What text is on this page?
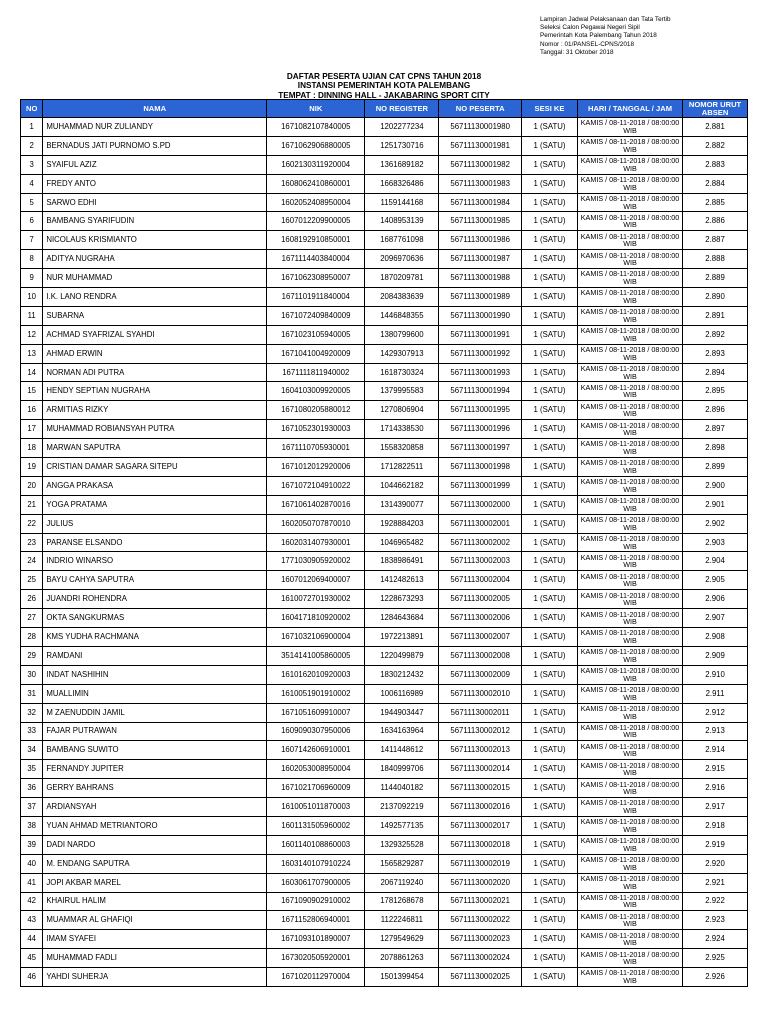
Lampiran Jadwal Pelaksanaan dan Tata Tertib
Seleksi Calon Pegawai Negeri Sipil
Pemerintah Kota Palembang Tahun 2018
Nomor : 01/PANSEL-CPNS/2018
Tanggal: 31 Oktober 2018
DAFTAR PESERTA UJIAN CAT CPNS TAHUN 2018
INSTANSI PEMERINTAH KOTA PALEMBANG
TEMPAT : DINNING HALL - JAKABARING SPORT CITY
NO	NAMA	NIK	NO REGISTER	NO PESERTA	SESI KE	HARI / TANGGAL / JAM	NOMOR URUT ABSEN
1	MUHAMMAD NUR ZULIANDY	1671082107840005	1202277234	56711130001980	1 (SATU)	KAMIS / 08-11-2018 / 08:00:00 WIB	2.881
2	BERNADUS JATI PURNOMO S.PD	1671062906880005	1251730716	56711130001981	1 (SATU)	KAMIS / 08-11-2018 / 08:00:00 WIB	2.882
3	SYAIFUL AZIZ	1602130311920004	1361689182	56711130001982	1 (SATU)	KAMIS / 08-11-2018 / 08:00:00 WIB	2.883
4	FREDY ANTO	1608062410860001	1668326486	56711130001983	1 (SATU)	KAMIS / 08-11-2018 / 08:00:00 WIB	2.884
5	SARWO EDHI	1602052408950004	1159144168	56711130001984	1 (SATU)	KAMIS / 08-11-2018 / 08:00:00 WIB	2.885
6	BAMBANG SYARIFUDIN	1607012209900005	1408953139	56711130001985	1 (SATU)	KAMIS / 08-11-2018 / 08:00:00 WIB	2.886
7	NICOLAUS KRISMIANTO	1608192910850001	1687761098	56711130001986	1 (SATU)	KAMIS / 08-11-2018 / 08:00:00 WIB	2.887
8	ADITYA NUGRAHA	1671114403840004	2096970636	56711130001987	1 (SATU)	KAMIS / 08-11-2018 / 08:00:00 WIB	2.888
9	NUR MUHAMMAD	1671062308950007	1870209781	56711130001988	1 (SATU)	KAMIS / 08-11-2018 / 08:00:00 WIB	2.889
10	I.K. LANO RENDRA	1671101911840004	2084383639	56711130001989	1 (SATU)	KAMIS / 08-11-2018 / 08:00:00 WIB	2.890
11	SUBARNA	1671072409840009	1446848355	56711130001990	1 (SATU)	KAMIS / 08-11-2018 / 08:00:00 WIB	2.891
12	ACHMAD SYAFRIZAL SYAHDI	1671023105940005	1380799600	56711130001991	1 (SATU)	KAMIS / 08-11-2018 / 08:00:00 WIB	2.892
13	AHMAD ERWIN	1671041004920009	1429307913	56711130001992	1 (SATU)	KAMIS / 08-11-2018 / 08:00:00 WIB	2.893
14	NORMAN ADI PUTRA	1671111811940002	1618730324	56711130001993	1 (SATU)	KAMIS / 08-11-2018 / 08:00:00 WIB	2.894
15	HENDY SEPTIAN NUGRAHA	1604103009920005	1379995583	56711130001994	1 (SATU)	KAMIS / 08-11-2018 / 08:00:00 WIB	2.895
16	ARMITIAS RIZKY	1671080205880012	1270806904	56711130001995	1 (SATU)	KAMIS / 08-11-2018 / 08:00:00 WIB	2.896
17	MUHAMMAD ROBIANSYAH PUTRA	1671052301930003	1714338530	56711130001996	1 (SATU)	KAMIS / 08-11-2018 / 08:00:00 WIB	2.897
18	MARWAN SAPUTRA	1671110705930001	1558320858	56711130001997	1 (SATU)	KAMIS / 08-11-2018 / 08:00:00 WIB	2.898
19	CRISTIAN DAMAR SAGARA SITEPU	1671012012920006	1712822511	56711130001998	1 (SATU)	KAMIS / 08-11-2018 / 08:00:00 WIB	2.899
20	ANGGA PRAKASA	1671072104910022	1044662182	56711130001999	1 (SATU)	KAMIS / 08-11-2018 / 08:00:00 WIB	2.900
21	YOGA PRATAMA	1671061402870016	1314390077	56711130002000	1 (SATU)	KAMIS / 08-11-2018 / 08:00:00 WIB	2.901
22	JULIUS	1602050707870010	1928884203	56711130002001	1 (SATU)	KAMIS / 08-11-2018 / 08:00:00 WIB	2.902
23	PARANSE ELSANDO	1602031407930001	1046965482	56711130002002	1 (SATU)	KAMIS / 08-11-2018 / 08:00:00 WIB	2.903
24	INDRIO WINARSO	1771030905920002	1838986491	56711130002003	1 (SATU)	KAMIS / 08-11-2018 / 08:00:00 WIB	2.904
25	BAYU CAHYA SAPUTRA	1607012069400007	1412482613	56711130002004	1 (SATU)	KAMIS / 08-11-2018 / 08:00:00 WIB	2.905
26	JUANDRI ROHENDRA	1610072701930002	1228673293	56711130002005	1 (SATU)	KAMIS / 08-11-2018 / 08:00:00 WIB	2.906
27	OKTA SANGKURMAS	1604171810920002	1284643684	56711130002006	1 (SATU)	KAMIS / 08-11-2018 / 08:00:00 WIB	2.907
28	KMS YUDHA RACHMANA	1671032106900004	1972213891	56711130002007	1 (SATU)	KAMIS / 08-11-2018 / 08:00:00 WIB	2.908
29	RAMDANI	3514141005860005	1220499879	56711130002008	1 (SATU)	KAMIS / 08-11-2018 / 08:00:00 WIB	2.909
30	INDAT NASHIHIN	1610162010920003	1830212432	56711130002009	1 (SATU)	KAMIS / 08-11-2018 / 08:00:00 WIB	2.910
31	MUALLIMIN	1610051901910002	1006116989	56711130002010	1 (SATU)	KAMIS / 08-11-2018 / 08:00:00 WIB	2.911
32	M ZAENUDDIN JAMIL	1671051609910007	1944903447	56711130002011	1 (SATU)	KAMIS / 08-11-2018 / 08:00:00 WIB	2.912
33	FAJAR PUTRAWAN	1609090307950006	1634163964	56711130002012	1 (SATU)	KAMIS / 08-11-2018 / 08:00:00 WIB	2.913
34	BAMBANG SUWITO	1607142606910001	1411448612	56711130002013	1 (SATU)	KAMIS / 08-11-2018 / 08:00:00 WIB	2.914
35	FERNANDY JUPITER	1602053008950004	1840999706	56711130002014	1 (SATU)	KAMIS / 08-11-2018 / 08:00:00 WIB	2.915
36	GERRY BAHRANS	1671021706960009	1144040182	56711130002015	1 (SATU)	KAMIS / 08-11-2018 / 08:00:00 WIB	2.916
37	ARDIANSYAH	1610051011870003	2137092219	56711130002016	1 (SATU)	KAMIS / 08-11-2018 / 08:00:00 WIB	2.917
38	YUAN AHMAD METRIANTORO	1601131505960002	1492577135	56711130002017	1 (SATU)	KAMIS / 08-11-2018 / 08:00:00 WIB	2.918
39	DADI NARDO	1601140108860003	1329325528	56711130002018	1 (SATU)	KAMIS / 08-11-2018 / 08:00:00 WIB	2.919
40	M. ENDANG SAPUTRA	1603140107910224	1565829287	56711130002019	1 (SATU)	KAMIS / 08-11-2018 / 08:00:00 WIB	2.920
41	JOPI AKBAR MAREL	1603061707900005	2067119240	56711130002020	1 (SATU)	KAMIS / 08-11-2018 / 08:00:00 WIB	2.921
42	KHAIRUL HALIM	1671090902910002	1781268678	56711130002021	1 (SATU)	KAMIS / 08-11-2018 / 08:00:00 WIB	2.922
43	MUAMMAR AL GHAFIQI	1671152806940001	1122246811	56711130002022	1 (SATU)	KAMIS / 08-11-2018 / 08:00:00 WIB	2.923
44	IMAM SYAFEI	1671093101890007	1279549629	56711130002023	1 (SATU)	KAMIS / 08-11-2018 / 08:00:00 WIB	2.924
45	MUHAMMAD FADLI	1673020505920001	2078861263	56711130002024	1 (SATU)	KAMIS / 08-11-2018 / 08:00:00 WIB	2.925
46	YAHDI SUHERJA	1671020112970004	1501399454	56711130002025	1 (SATU)	KAMIS / 08-11-2018 / 08:00:00 WIB	2.926
